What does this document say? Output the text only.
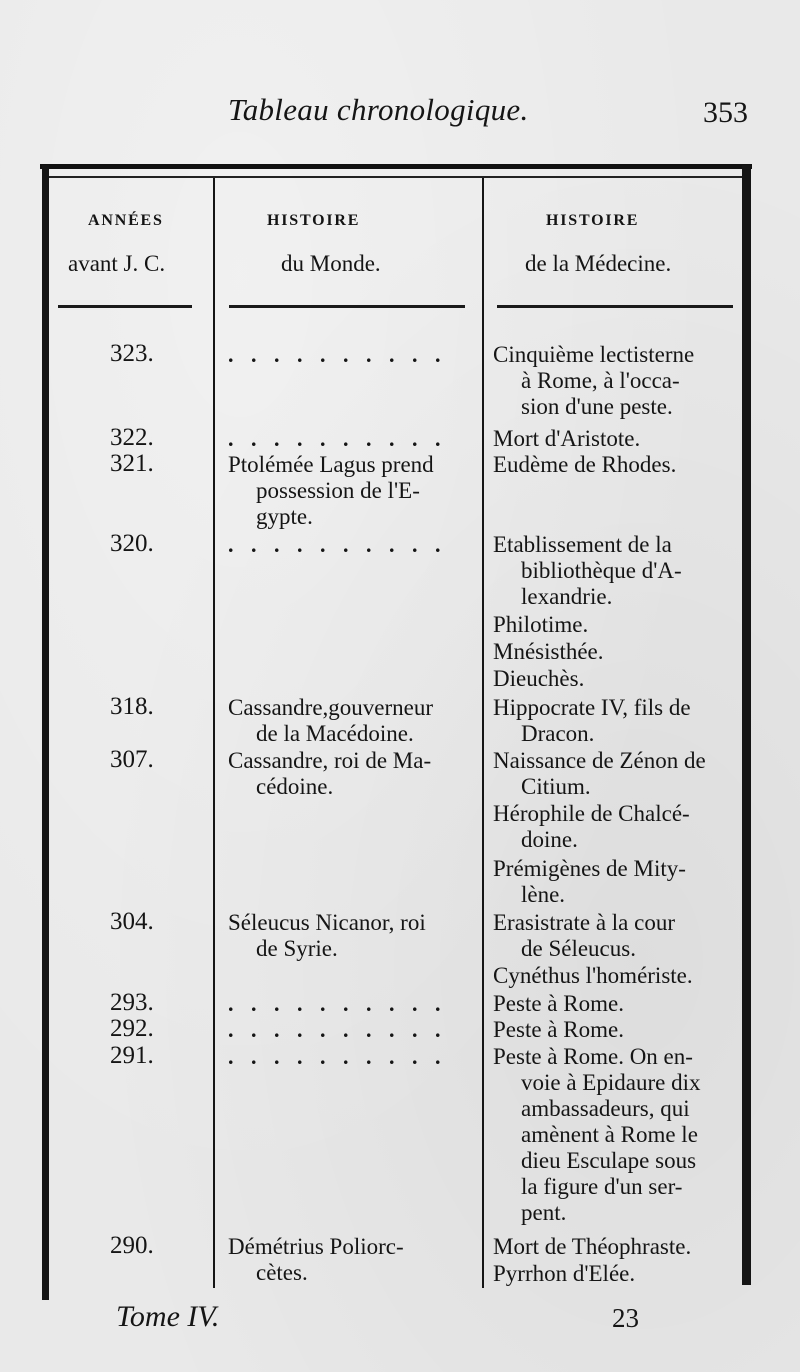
Tableau chronologique.	353
ANNÉES
avant J. C.
HISTOIRE
du Monde.
HISTOIRE
de la Médecine.
323.
322.
321.
320.
318.
307.
304.
293.
292.
291.
290.
. . . . . . . . . .
. . . . . . . . . .
Ptolémée Lagus prend
possession de l'E-
gypte.
. . . . . . . . . .
Cassandre,gouverneur
de la Macédoine.
Cassandre, roi de Ma-
cédoine.
Séleucus Nicanor, roi
de Syrie.
. . . . . . . . . .
. . . . . . . . . .
. . . . . . . . . .
Démétrius Poliorc-
cètes.
Cinquième lectisterne
à Rome, à l'occa-
sion d'une peste.
Mort d'Aristote.
Eudème de Rhodes.
Etablissement de la
bibliothèque d'A-
lexandrie.
Philotime.
Mnésisthée.
Dieuchès.
Hippocrate IV, fils de
Dracon.
Naissance de Zénon de
Citium.
Hérophile de Chalcé-
doine.
Prémigènes de Mity-
lène.
Erasistrate à la cour
de Séleucus.
Cynéthus l'homériste.
Peste à Rome.
Peste à Rome.
Peste à Rome. On en-
voie à Epidaure dix
ambassadeurs, qui
amènent à Rome le
dieu Esculape sous
la figure d'un ser-
pent.
Mort de Théophraste.
Pyrrhon d'Elée.
Tome IV.	23
